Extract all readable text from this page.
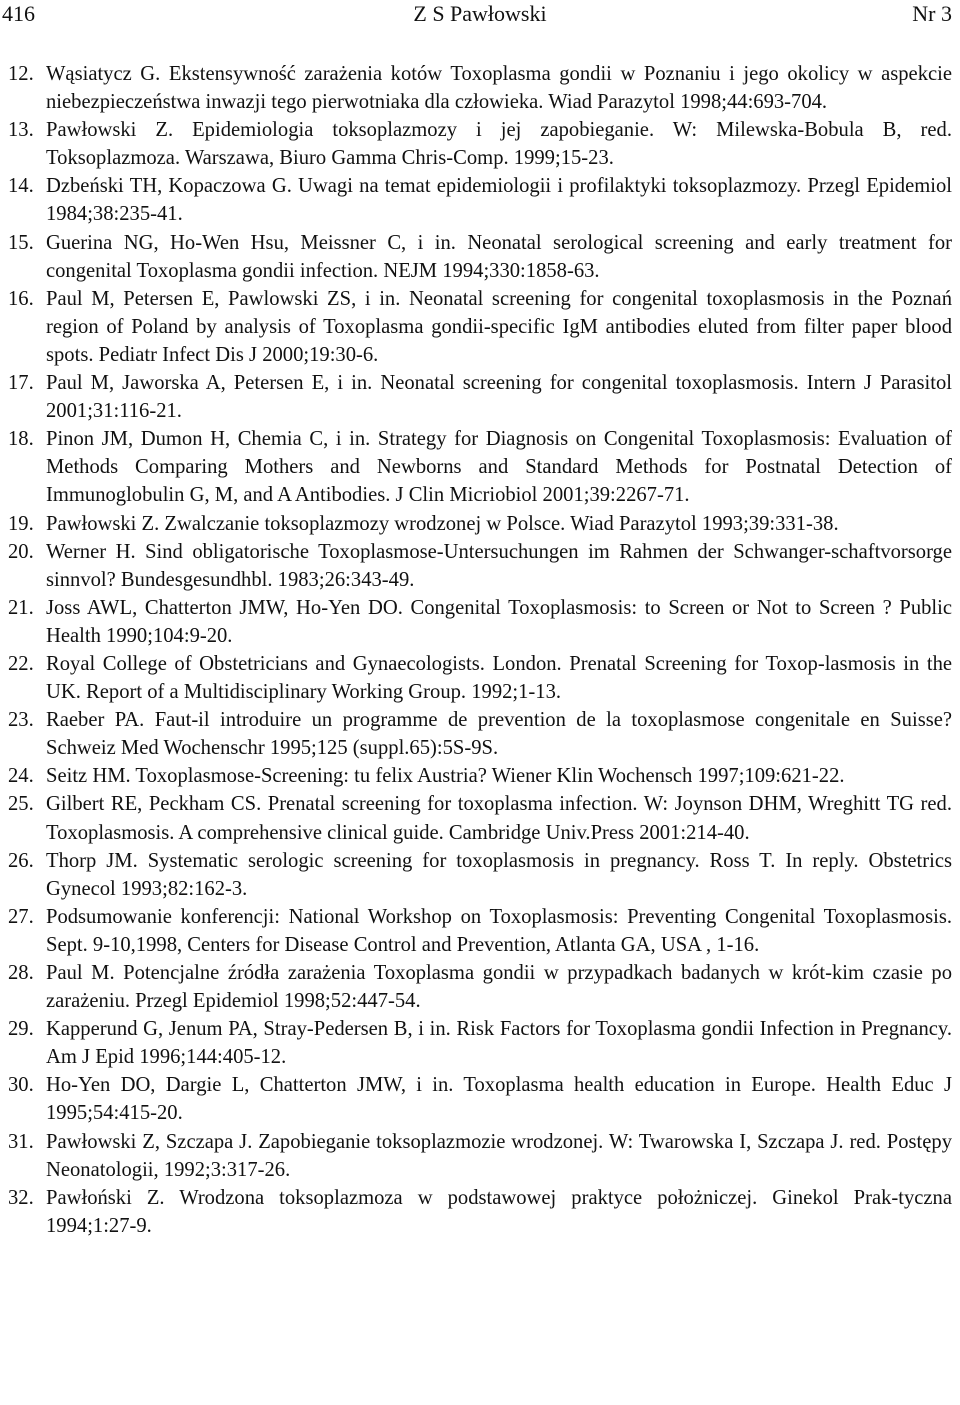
416	Z S Pawłowski	Nr 3
12. Wąsiatycz G. Ekstensywność zarażenia kotów Toxoplasma gondii w Poznaniu i jego okolicy w aspekcie niebezpieczeństwa inwazji tego pierwotniaka dla człowieka. Wiad Parazytol 1998;44:693-704.
13. Pawłowski Z. Epidemiologia toksoplazmozy i jej zapobieganie. W: Milewska-Bobula B, red. Toksoplazmoza. Warszawa, Biuro Gamma Chris-Comp. 1999;15-23.
14. Dzbeński TH, Kopaczowa G. Uwagi na temat epidemiologii i profilaktyki toksoplazmozy. Przegl Epidemiol 1984;38:235-41.
15. Guerina NG, Ho-Wen Hsu, Meissner C, i in. Neonatal serological screening and early treatment for congenital Toxoplasma gondii infection. NEJM 1994;330:1858-63.
16. Paul M, Petersen E, Pawlowski ZS, i in. Neonatal screening for congenital toxoplasmosis in the Poznań region of Poland by analysis of Toxoplasma gondii-specific IgM antibodies eluted from filter paper blood spots. Pediatr Infect Dis J 2000;19:30-6.
17. Paul M, Jaworska A, Petersen E, i in. Neonatal screening for congenital toxoplasmosis. Intern J Parasitol 2001;31:116-21.
18. Pinon JM, Dumon H, Chemia C, i in. Strategy for Diagnosis on Congenital Toxoplasmosis: Evaluation of Methods Comparing Mothers and Newborns and Standard Methods for Postnatal Detection of Immunoglobulin G, M, and A Antibodies. J Clin Micriobiol 2001;39:2267-71.
19. Pawłowski Z. Zwalczanie toksoplazmozy wrodzonej w Polsce. Wiad Parazytol 1993;39:331-38.
20. Werner H. Sind obligatorische Toxoplasmose-Untersuchungen im Rahmen der Schwanger-schaftvorsorge sinnvol? Bundesgesundhbl. 1983;26:343-49.
21. Joss AWL, Chatterton JMW, Ho-Yen DO. Congenital Toxoplasmosis: to Screen or Not to Screen ? Public Health 1990;104:9-20.
22. Royal College of Obstetricians and Gynaecologists. London. Prenatal Screening for Toxop-lasmosis in the UK. Report of a Multidisciplinary Working Group. 1992;1-13.
23. Raeber PA. Faut-il introduire un programme de prevention de la toxoplasmose congenitale en Suisse? Schweiz Med Wochenschr 1995;125 (suppl.65):5S-9S.
24. Seitz HM. Toxoplasmose-Screening: tu felix Austria? Wiener Klin Wochensch 1997;109:621-22.
25. Gilbert RE, Peckham CS. Prenatal screening for toxoplasma infection. W: Joynson DHM, Wreghitt TG red. Toxoplasmosis. A comprehensive clinical guide. Cambridge Univ.Press 2001:214-40.
26. Thorp JM. Systematic serologic screening for toxoplasmosis in pregnancy. Ross T. In reply. Obstetrics Gynecol 1993;82:162-3.
27. Podsumowanie konferencji: National Workshop on Toxoplasmosis: Preventing Congenital Toxoplasmosis. Sept. 9-10,1998, Centers for Disease Control and Prevention, Atlanta GA, USA , 1-16.
28. Paul M. Potencjalne źródła zarażenia Toxoplasma gondii w przypadkach badanych w krót-kim czasie po zarażeniu. Przegl Epidemiol 1998;52:447-54.
29. Kapperund G, Jenum PA, Stray-Pedersen B, i in. Risk Factors for Toxoplasma gondii Infection in Pregnancy. Am J Epid 1996;144:405-12.
30. Ho-Yen DO, Dargie L, Chatterton JMW, i in. Toxoplasma health education in Europe. Health Educ J 1995;54:415-20.
31. Pawłowski Z, Szczapa J. Zapobieganie toksoplazmozie wrodzonej. W: Twarowska I, Szczapa J. red. Postępy Neonatologii, 1992;3:317-26.
32. Pawłoński Z. Wrodzona toksoplazmoza w podstawowej praktyce położniczej. Ginekol Prak-tyczna 1994;1:27-9.
